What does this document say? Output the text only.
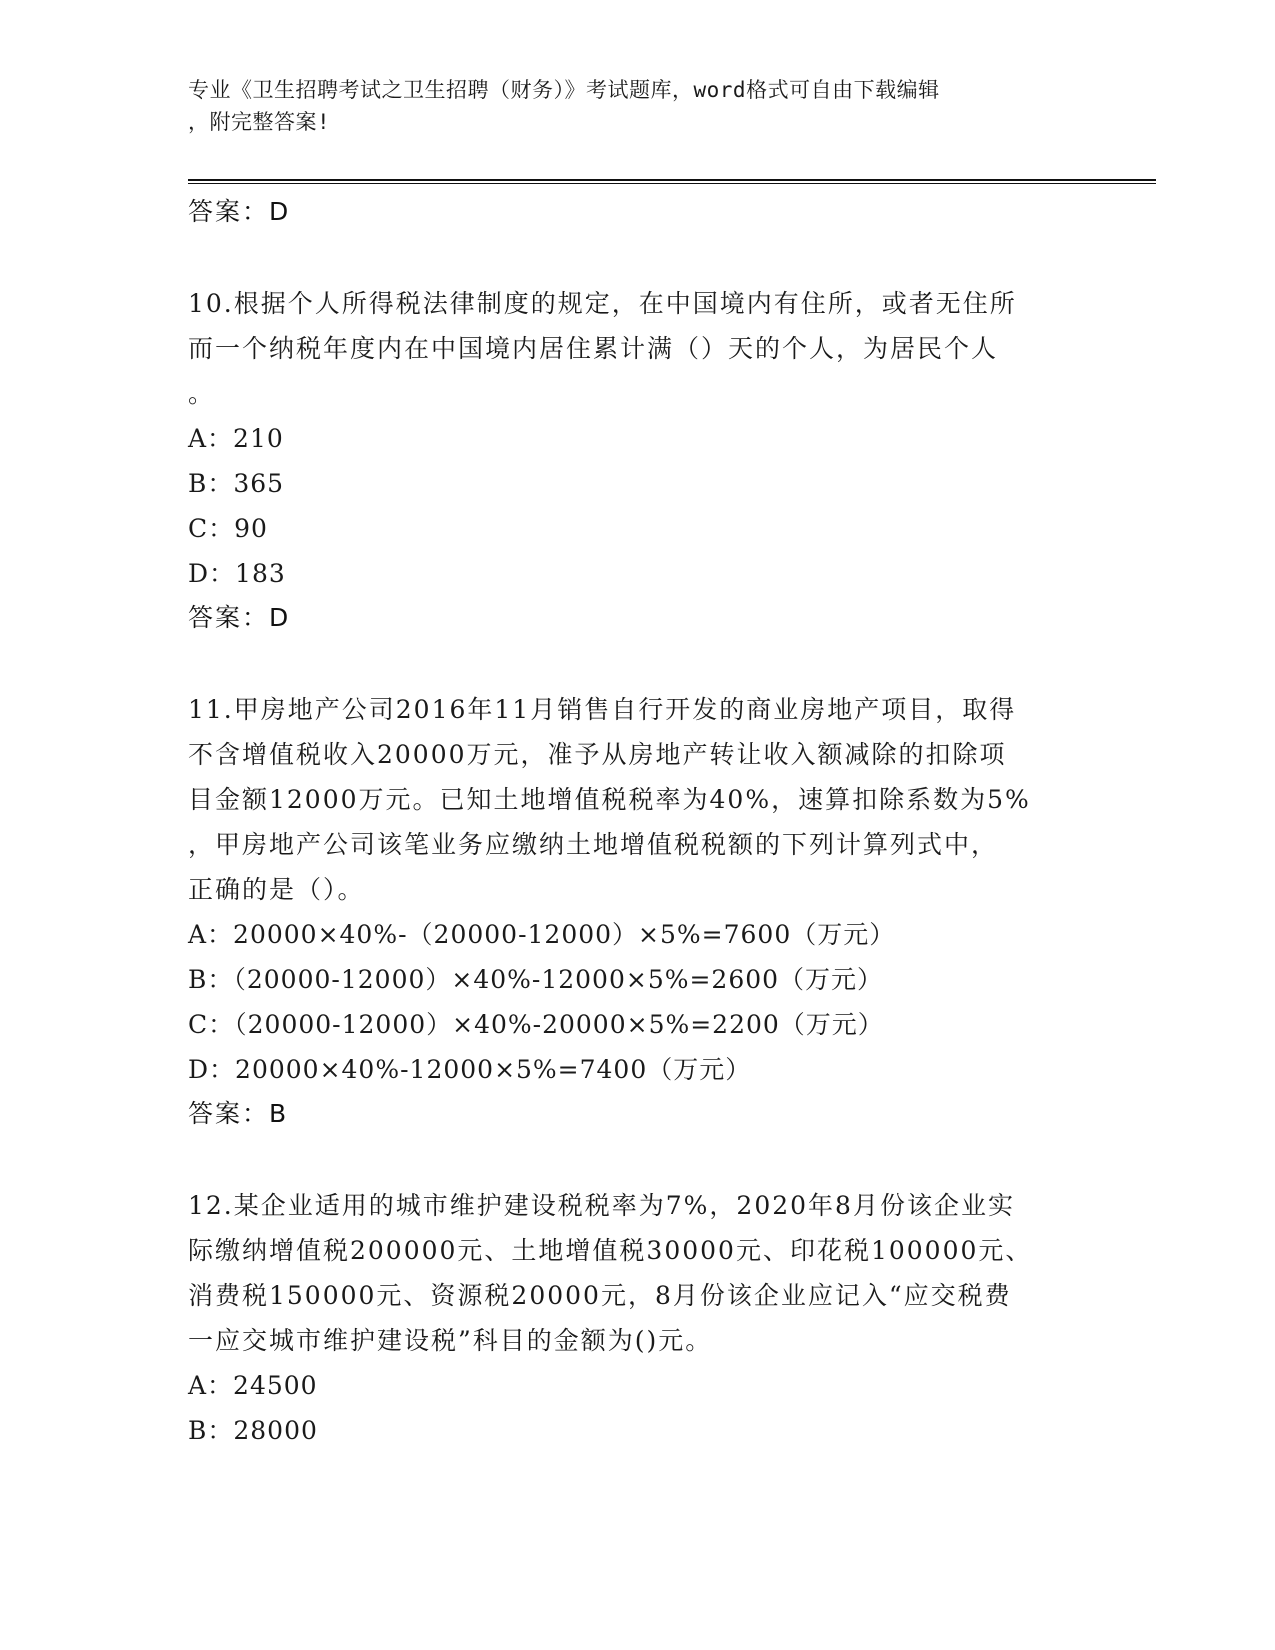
专业《卫生招聘考试之卫生招聘（财务）》考试题库，word格式可自由下载编辑
，附完整答案!
答案：D
10.根据个人所得税法律制度的规定，在中国境内有住所，或者无住所
而一个纳税年度内在中国境内居住累计满（）天的个人，为居民个人
。
A：210
B：365
C：90
D：183
答案：D
11.甲房地产公司2016年11月销售自行开发的商业房地产项目，取得
不含增值税收入20000万元，准予从房地产转让收入额减除的扣除项
目金额12000万元。已知土地增值税税率为40%，速算扣除系数为5%
，甲房地产公司该笔业务应缴纳土地增值税税额的下列计算列式中，
正确的是（）。
A：20000×40%-（20000-12000）×5%=7600（万元）
B：（20000-12000）×40%-12000×5%=2600（万元）
C：（20000-12000）×40%-20000×5%=2200（万元）
D：20000×40%-12000×5%=7400（万元）
答案：B
12.某企业适用的城市维护建设税税率为7%，2020年8月份该企业实
际缴纳增值税200000元、土地增值税30000元、印花税100000元、
消费税150000元、资源税20000元，8月份该企业应记入“应交税费
一应交城市维护建设税”科目的金额为()元。
A：24500
B：28000
